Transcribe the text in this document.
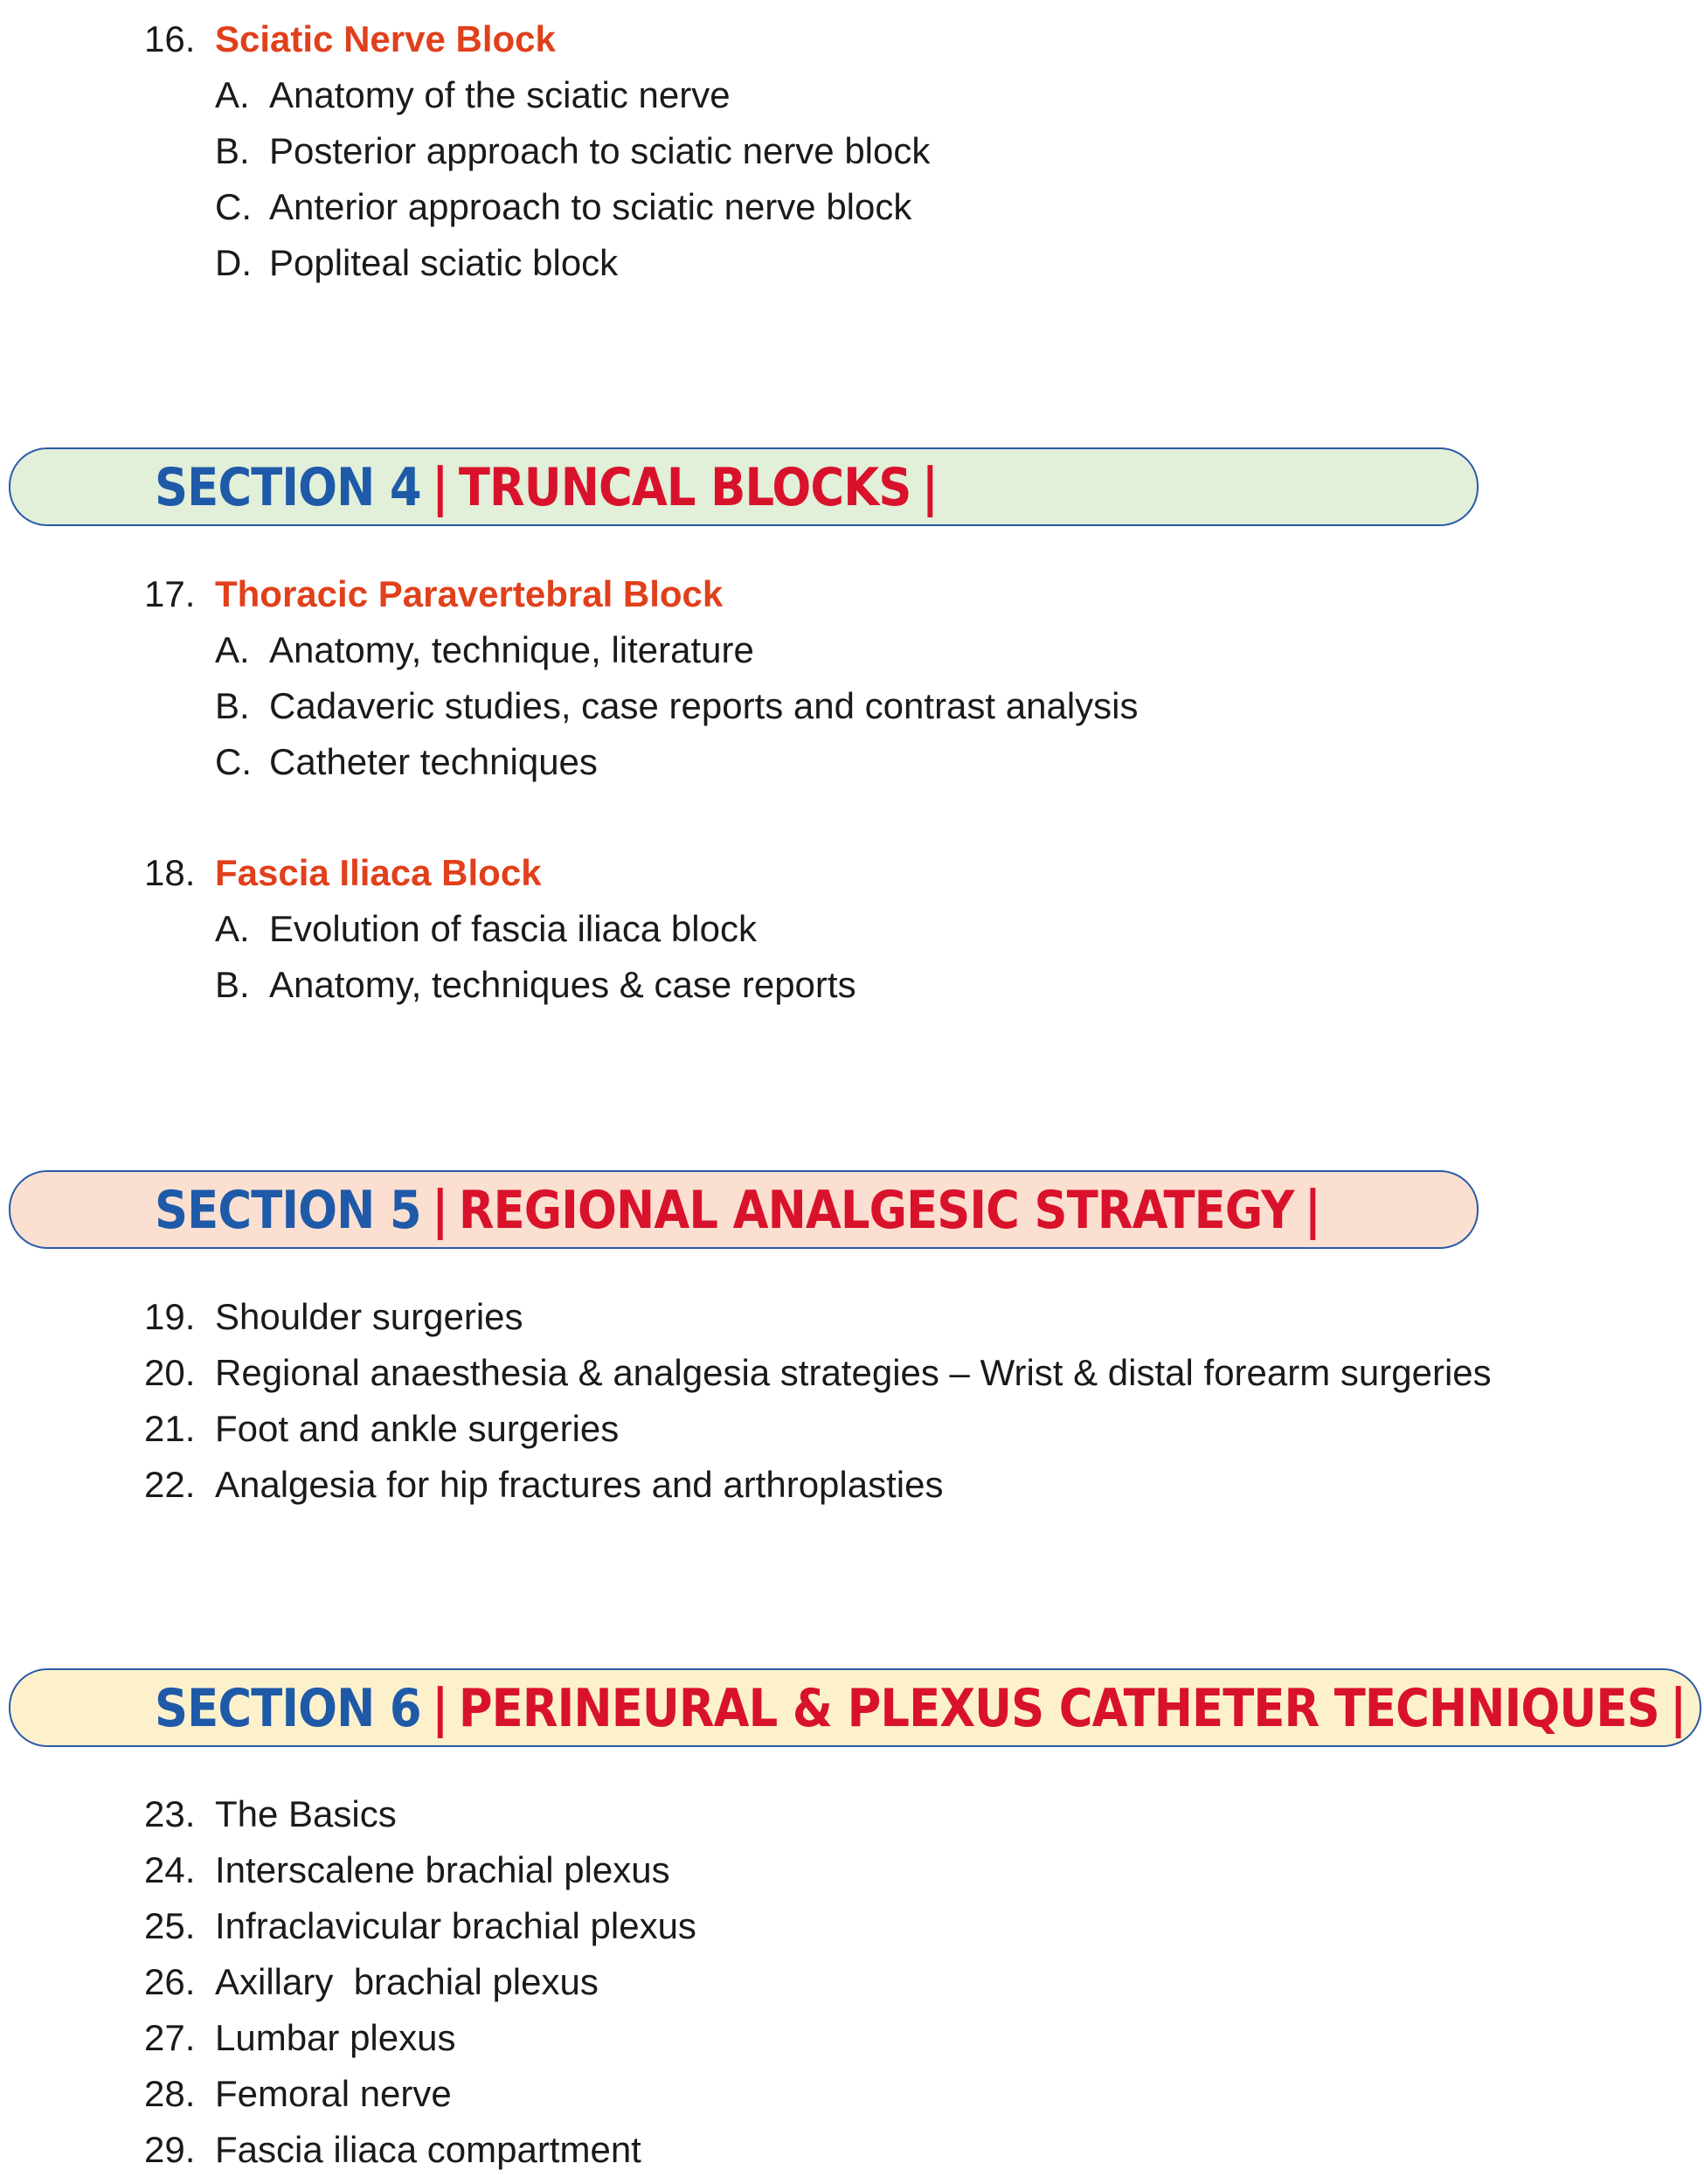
16. Sciatic Nerve Block
A. Anatomy of the sciatic nerve
B. Posterior approach to sciatic nerve block
C. Anterior approach to sciatic nerve block
D. Popliteal sciatic block
SECTION 4 | TRUNCAL BLOCKS |
17. Thoracic Paravertebral Block
A. Anatomy, technique, literature
B. Cadaveric studies, case reports and contrast analysis
C. Catheter techniques
18. Fascia Iliaca Block
A. Evolution of fascia iliaca block
B. Anatomy, techniques & case reports
SECTION 5 | REGIONAL ANALGESIC STRATEGY |
19. Shoulder surgeries
20. Regional anaesthesia & analgesia strategies – Wrist & distal forearm surgeries
21. Foot and ankle surgeries
22. Analgesia for hip fractures and arthroplasties
SECTION 6 | PERINEURAL & PLEXUS CATHETER TECHNIQUES |
23. The Basics
24. Interscalene brachial plexus
25. Infraclavicular brachial plexus
26. Axillary  brachial plexus
27. Lumbar plexus
28. Femoral nerve
29. Fascia iliaca compartment
